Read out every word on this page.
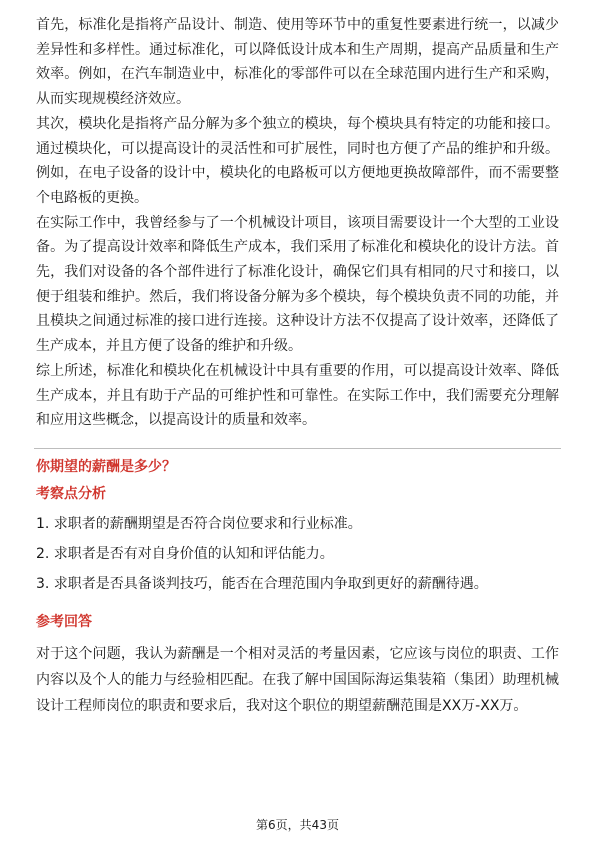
首先，标准化是指将产品设计、制造、使用等环节中的重复性要素进行统一，以减少差异性和多样性。通过标准化，可以降低设计成本和生产周期，提高产品质量和生产效率。例如，在汽车制造业中，标准化的零部件可以在全球范围内进行生产和采购，从而实现规模经济效应。

其次，模块化是指将产品分解为多个独立的模块，每个模块具有特定的功能和接口。通过模块化，可以提高设计的灵活性和可扩展性，同时也方便了产品的维护和升级。例如，在电子设备的设计中，模块化的电路板可以方便地更换故障部件，而不需要整个电路板的更换。

在实际工作中，我曾经参与了一个机械设计项目，该项目需要设计一个大型的工业设备。为了提高设计效率和降低生产成本，我们采用了标准化和模块化的设计方法。首先，我们对设备的各个部件进行了标准化设计，确保它们具有相同的尺寸和接口，以便于组装和维护。然后，我们将设备分解为多个模块，每个模块负责不同的功能，并且模块之间通过标准的接口进行连接。这种设计方法不仅提高了设计效率，还降低了生产成本，并且方便了设备的维护和升级。

综上所述，标准化和模块化在机械设计中具有重要的作用，可以提高设计效率、降低生产成本，并且有助于产品的可维护性和可靠性。在实际工作中，我们需要充分理解和应用这些概念，以提高设计的质量和效率。

你期望的薪酬是多少？
考察点分析
1. 求职者的薪酬期望是否符合岗位要求和行业标准。
2. 求职者是否有对自身价值的认知和评估能力。
3. 求职者是否具备谈判技巧，能否在合理范围内争取到更好的薪酬待遇。
参考回答

对于这个问题，我认为薪酬是一个相对灵活的考量因素，它应该与岗位的职责、工作内容以及个人的能力与经验相匹配。在我了解中国国际海运集装箱（集团）助理机械设计工程师岗位的职责和要求后，我对这个职位的期望薪酬范围是XX万-XX万。

第6页，共43页
